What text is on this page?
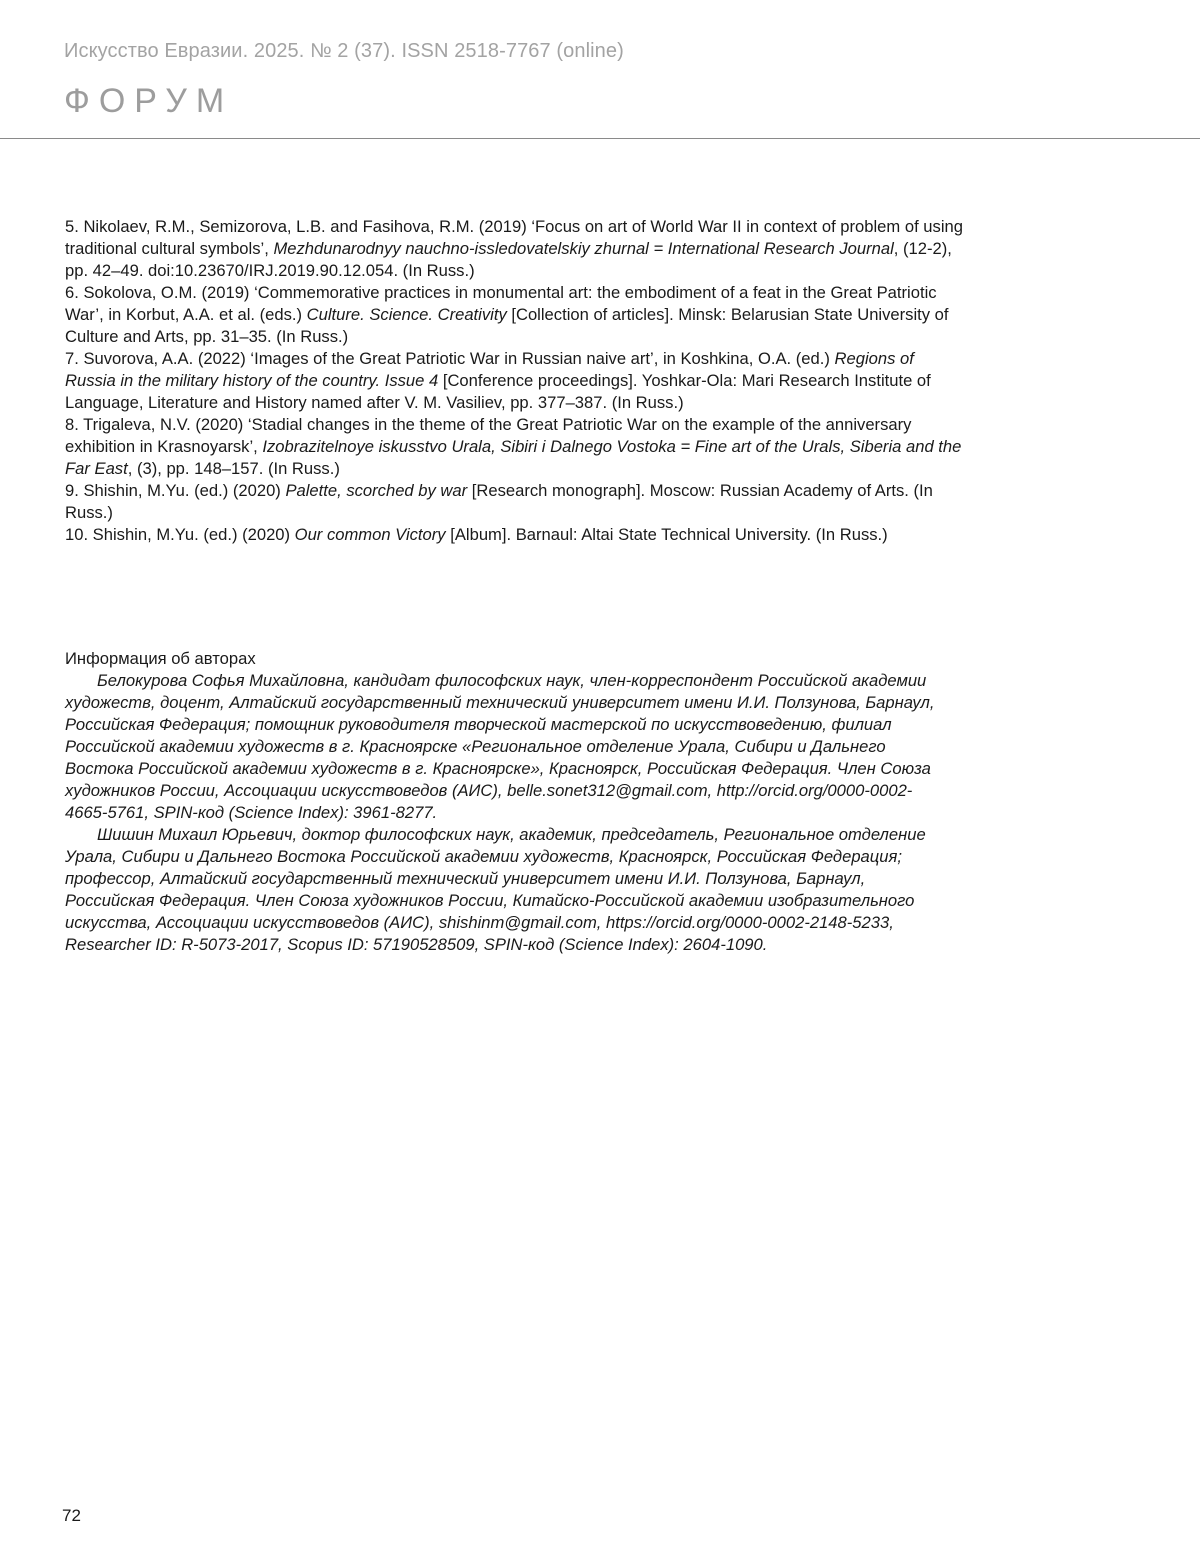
Искусство Евразии. 2025. № 2 (37). ISSN 2518-7767 (online)
ФОРУМ

5. Nikolaev, R.M., Semizorova, L.B. and Fasihova, R.M. (2019) ‘Focus on art of World War II in context of problem of using traditional cultural symbols’, Mezhdunarodnyy nauchno-issledovatelskiy zhurnal = International Research Journal, (12-2), pp. 42–49. doi:10.23670/IRJ.2019.90.12.054. (In Russ.)

6. Sokolova, O.M. (2019) ‘Commemorative practices in monumental art: the embodiment of a feat in the Great Patriotic War’, in Korbut, A.A. et al. (eds.) Culture. Science. Creativity [Collection of articles]. Minsk: Belarusian State University of Culture and Arts, pp. 31–35. (In Russ.)

7. Suvorova, A.A. (2022) ‘Images of the Great Patriotic War in Russian naive art’, in Koshkina, O.A. (ed.) Regions of Russia in the military history of the country. Issue 4 [Conference proceedings]. Yoshkar-Ola: Mari Research Institute of Language, Literature and History named after V. M. Vasiliev, pp. 377–387. (In Russ.)

8. Trigaleva, N.V. (2020) ‘Stadial changes in the theme of the Great Patriotic War on the example of the anniversary exhibition in Krasnoyarsk’, Izobrazitelnoye iskusstvo Urala, Sibiri i Dalnego Vostoka = Fine art of the Urals, Siberia and the Far East, (3), pp. 148–157. (In Russ.)

9. Shishin, M.Yu. (ed.) (2020) Palette, scorched by war [Research monograph]. Moscow: Russian Academy of Arts. (In Russ.)

10. Shishin, M.Yu. (ed.) (2020) Our common Victory [Album]. Barnaul: Altai State Technical University. (In Russ.)

Информация об авторах

Белокурова Софья Михайловна, кандидат философских наук, член-корреспондент Российской академии художеств, доцент, Алтайский государственный технический университет имени И.И. Ползунова, Барнаул, Российская Федерация; помощник руководителя творческой мастерской по искусствоведению, филиал Российской академии художеств в г. Красноярске «Региональное отделение Урала, Сибири и Дальнего Востока Российской академии художеств в г. Красноярске», Красноярск, Российская Федерация. Член Союза художников России, Ассоциации искусствоведов (АИС), belle.sonet312@gmail.com, http://orcid.org/0000-0002-4665-5761, SPIN-код (Science Index): 3961-8277.

Шишин Михаил Юрьевич, доктор философских наук, академик, председатель, Региональное отделение Урала, Сибири и Дальнего Востока Российской академии художеств, Красноярск, Российская Федерация; профессор, Алтайский государственный технический университет имени И.И. Ползунова, Барнаул, Российская Федерация. Член Союза художников России, Китайско-Российской академии изобразительного искусства, Ассоциации искусствоведов (АИС), shishinm@gmail.com, https://orcid.org/0000-0002-2148-5233, Researcher ID: R-5073-2017, Scopus ID: 57190528509, SPIN-код (Science Index): 2604-1090.

72
